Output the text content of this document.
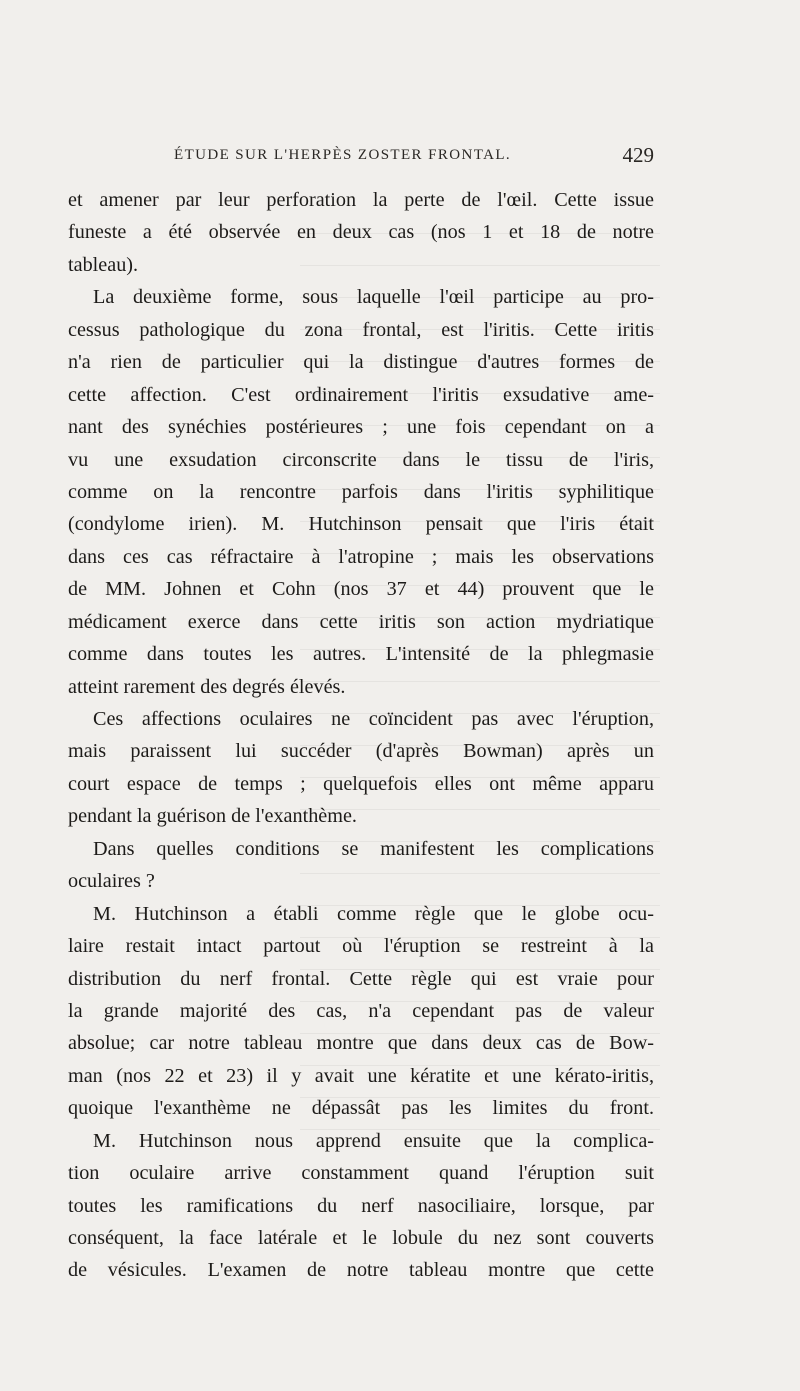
ÉTUDE SUR L'HERPÈS ZOSTER FRONTAL.	429
et amener par leur perforation la perte de l'œil. Cette issue
funeste a été observée en deux cas (nos 1 et 18 de notre
tableau).
La deuxième forme, sous laquelle l'œil participe au pro-
cessus pathologique du zona frontal, est l'iritis. Cette iritis
n'a rien de particulier qui la distingue d'autres formes de
cette affection. C'est ordinairement l'iritis exsudative ame-
nant des synéchies postérieures ; une fois cependant on a
vu une exsudation circonscrite dans le tissu de l'iris,
comme on la rencontre parfois dans l'iritis syphilitique
(condylome irien). M. Hutchinson pensait que l'iris était
dans ces cas réfractaire à l'atropine ; mais les observations
de MM. Johnen et Cohn (nos 37 et 44) prouvent que le
médicament exerce dans cette iritis son action mydriatique
comme dans toutes les autres. L'intensité de la phlegmasie
atteint rarement des degrés élevés.
Ces affections oculaires ne coïncident pas avec l'éruption,
mais paraissent lui succéder (d'après Bowman) après un
court espace de temps ; quelquefois elles ont même apparu
pendant la guérison de l'exanthème.
Dans quelles conditions se manifestent les complications
oculaires ?
M. Hutchinson a établi comme règle que le globe ocu-
laire restait intact partout où l'éruption se restreint à la
distribution du nerf frontal. Cette règle qui est vraie pour
la grande majorité des cas, n'a cependant pas de valeur
absolue; car notre tableau montre que dans deux cas de Bow-
man (nos 22 et 23) il y avait une kératite et une kérato-iritis,
quoique l'exanthème ne dépassât pas les limites du front.
M. Hutchinson nous apprend ensuite que la complica-
tion oculaire arrive constamment quand l'éruption suit
toutes les ramifications du nerf nasociliaire, lorsque, par
conséquent, la face latérale et le lobule du nez sont couverts
de vésicules. L'examen de notre tableau montre que cette
